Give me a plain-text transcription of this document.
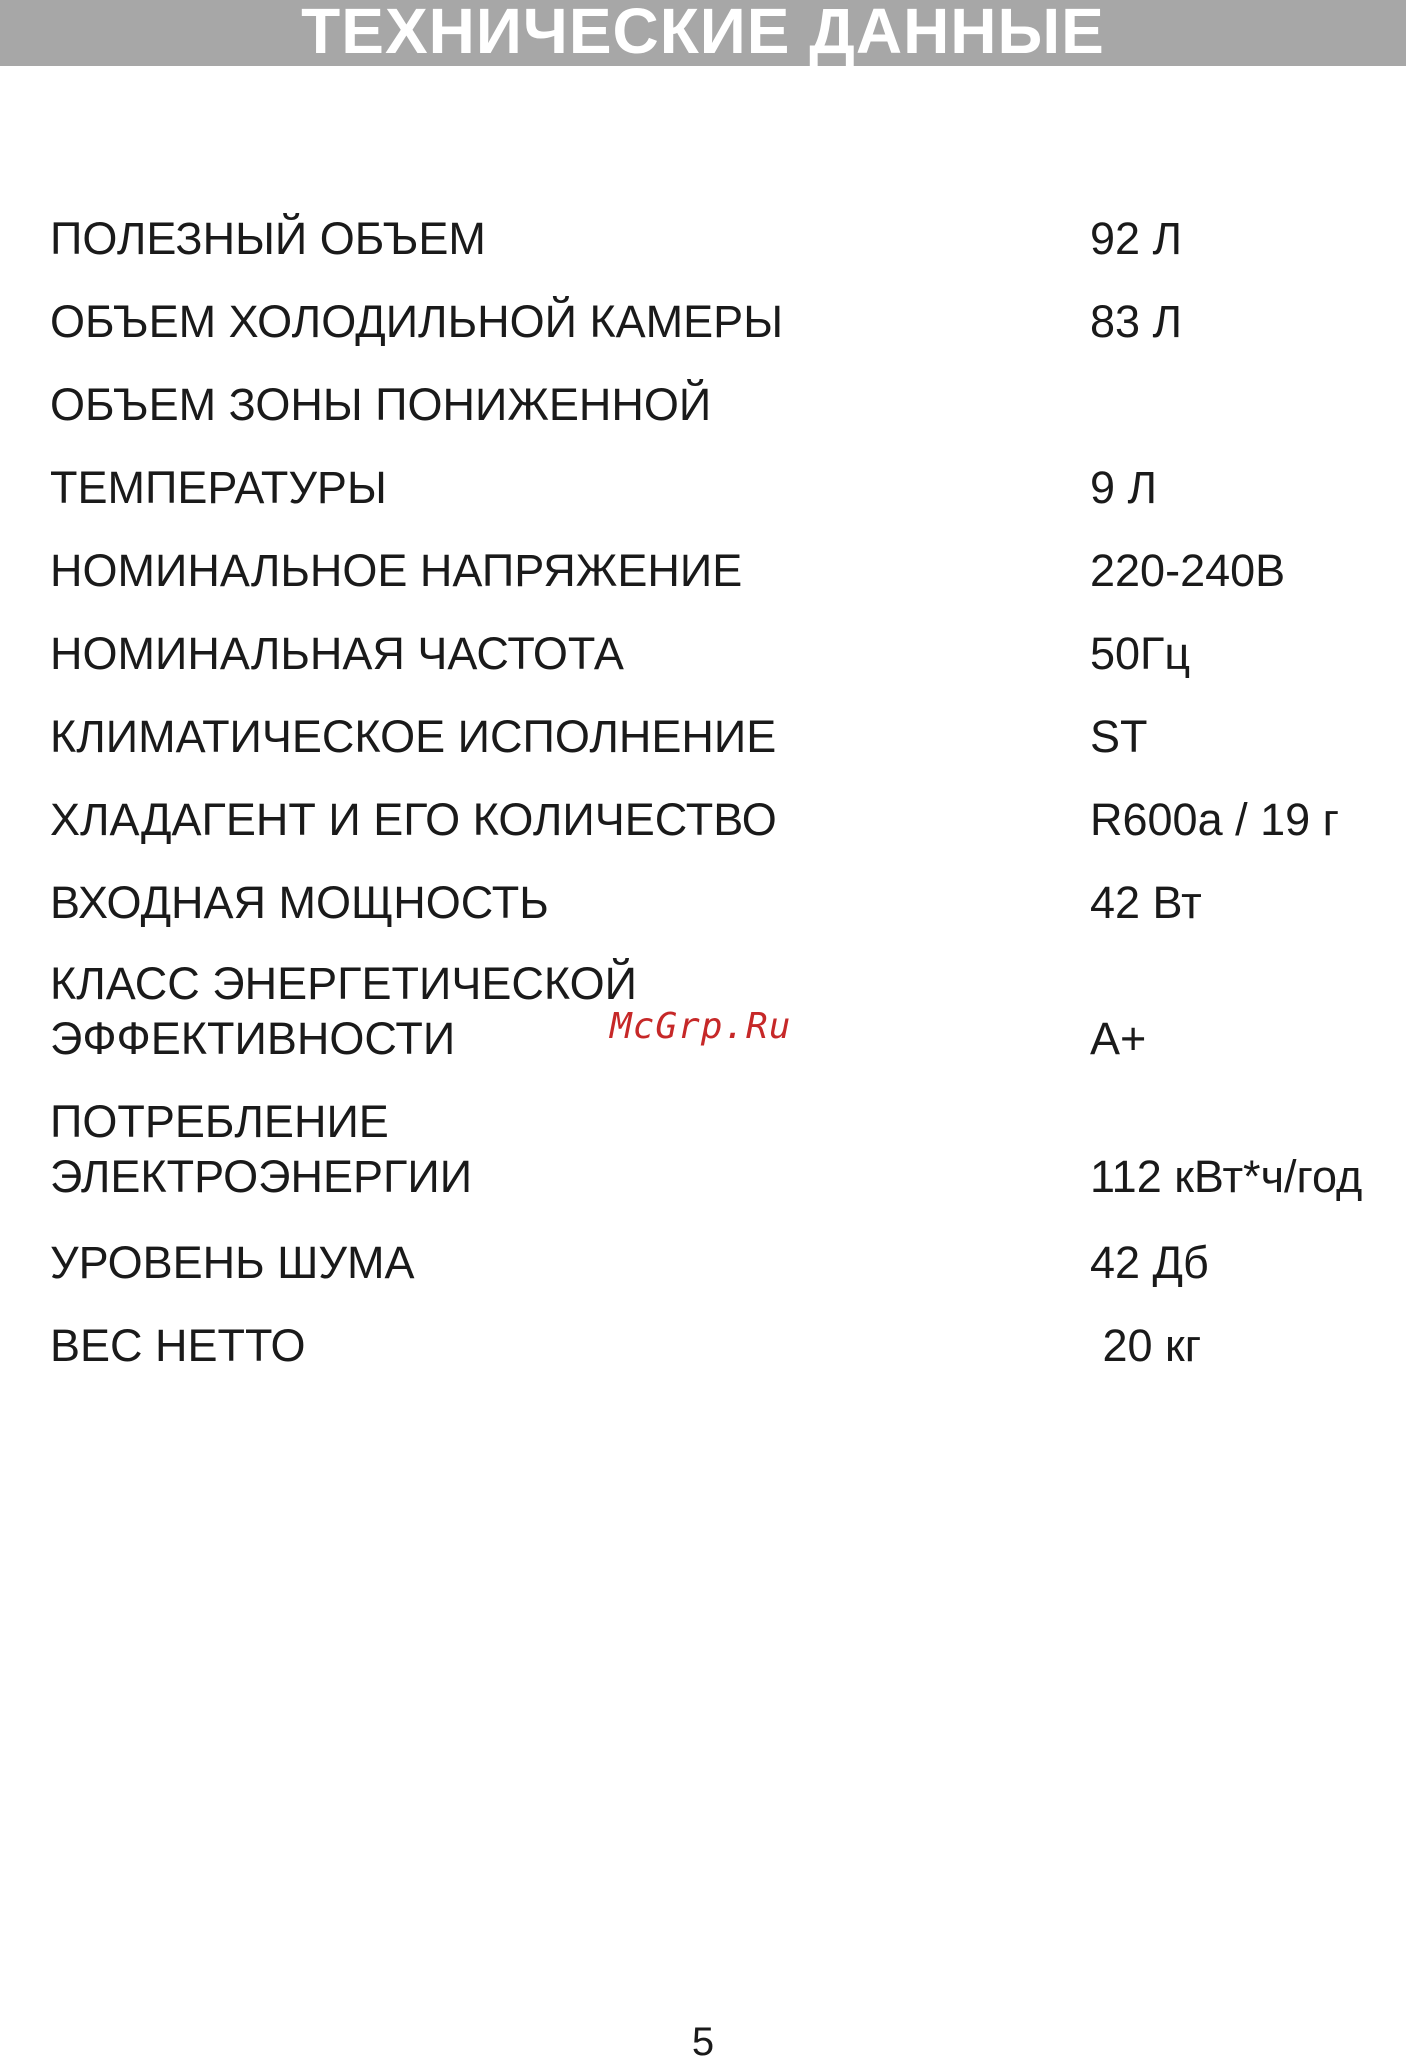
ТЕХНИЧЕСКИЕ ДАННЫЕ
ПОЛЕЗНЫЙ ОБЪЕМ	92 Л
ОБЪЕМ ХОЛОДИЛЬНОЙ КАМЕРЫ	83 Л
ОБЪЕМ ЗОНЫ ПОНИЖЕННОЙ
ТЕМПЕРАТУРЫ	9 Л
НОМИНАЛЬНОЕ НАПРЯЖЕНИЕ	220-240В
НОМИНАЛЬНАЯ ЧАСТОТА	50Гц
КЛИМАТИЧЕСКОЕ ИСПОЛНЕНИЕ	ST
ХЛАДАГЕНТ И ЕГО КОЛИЧЕСТВО	R600a / 19 г
ВХОДНАЯ МОЩНОСТЬ	42 Вт
КЛАСС ЭНЕРГЕТИЧЕСКОЙ
ЭФФЕКТИВНОСТИ	А+
ПОТРЕБЛЕНИЕ
ЭЛЕКТРОЭНЕРГИИ	112 кВт*ч/год
УРОВЕНЬ ШУМА	42 Дб
ВЕС НЕТТО	20 кг
McGrp.Ru
5
